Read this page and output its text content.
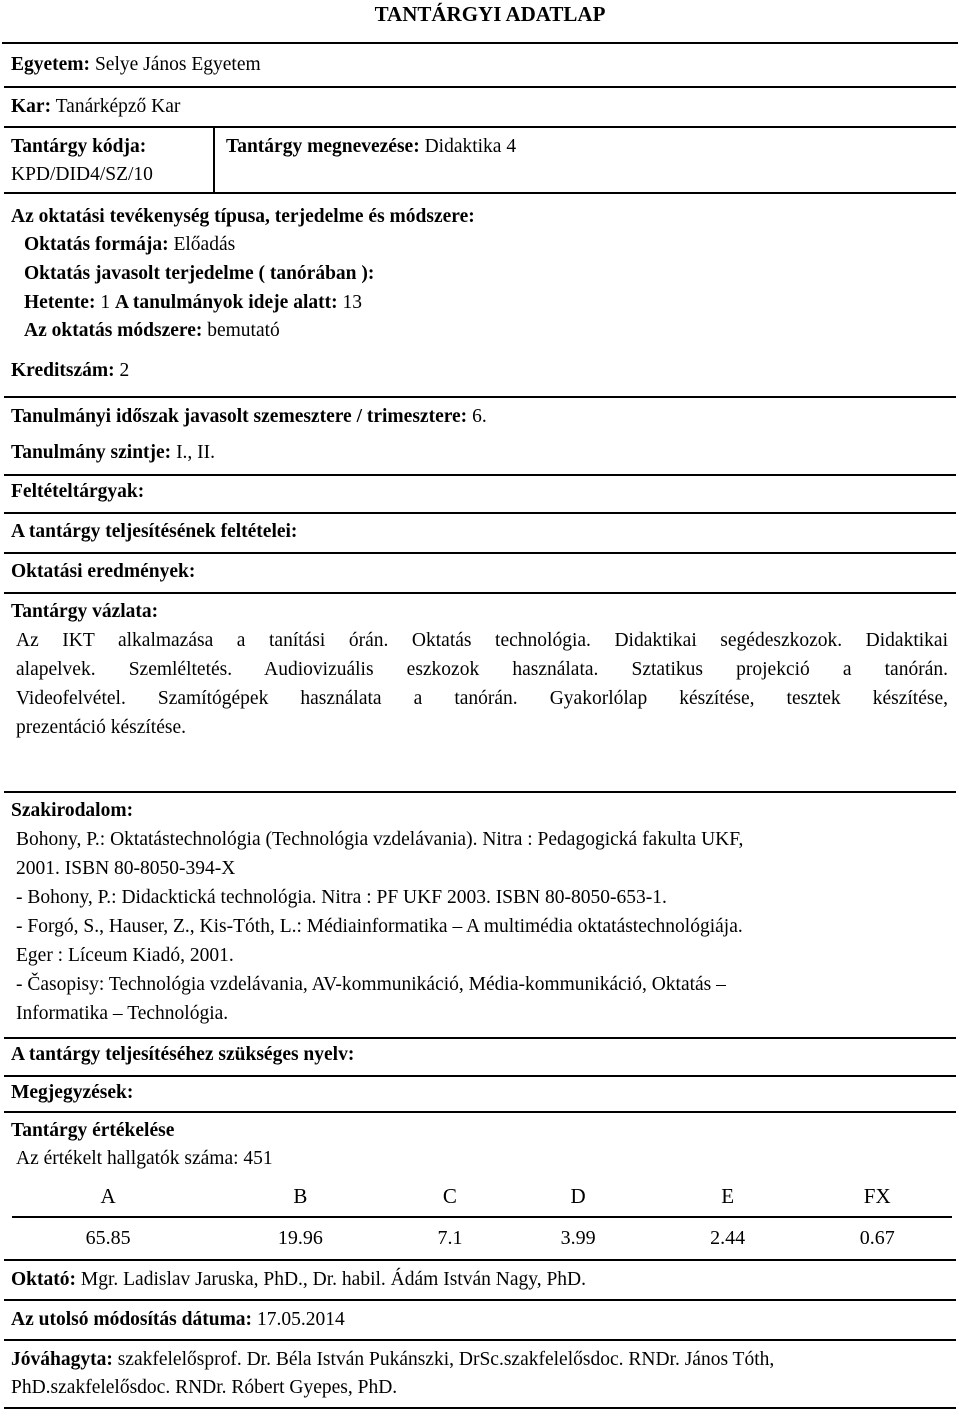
TANTÁRGYI ADATLAP
Egyetem: Selye János Egyetem
Kar: Tanárképző Kar
Tantárgy kódja:
KPD/DID4/SZ/10
Tantárgy megnevezése: Didaktika 4
Az oktatási tevékenység típusa, terjedelme és módszere:
Oktatás formája: Előadás
Oktatás javasolt terjedelme ( tanórában ):
Hetente: 1 A tanulmányok ideje alatt: 13
Az oktatás módszere: bemutató
Kreditszám: 2
Tanulmányi időszak javasolt szemesztere / trimesztere: 6.
Tanulmány szintje: I., II.
Feltételtárgyak:
A tantárgy teljesítésének feltételei:
Oktatási eredmények:
Tantárgy vázlata:
Az IKT alkalmazása a tanítási órán. Oktatás technológia. Didaktikai segédeszkozok. Didaktikai
alapelvek. Szemléltetés. Audiovizuális eszkozok használata. Sztatikus projekció a tanórán.
Videofelvétel. Szamítógépek használata a tanórán. Gyakorlólap készítése, tesztek készítése,
prezentáció készítése.
Szakirodalom:
Bohony, P.: Oktatástechnológia (Technológia vzdelávania). Nitra : Pedagogická fakulta UKF,
2001. ISBN 80-8050-394-X
- Bohony, P.: Didacktická technológia. Nitra : PF UKF 2003. ISBN 80-8050-653-1.
- Forgó, S., Hauser, Z., Kis-Tóth, L.: Médiainformatika – A multimédia oktatástechnológiája.
Eger : Líceum Kiadó, 2001.
- Časopisy: Technológia vzdelávania, AV-kommunikáció, Média-kommunikáció, Oktatás –
Informatika – Technológia.
A tantárgy teljesítéséhez szükséges nyelv:
Megjegyzések:
Tantárgy értékelése
Az értékelt hallgatók száma: 451
A	B	C	D	E	FX
65.85	19.96	7.1	3.99	2.44	0.67
Oktató: Mgr. Ladislav Jaruska, PhD., Dr. habil. Ádám István Nagy, PhD.
Az utolsó módosítás dátuma: 17.05.2014
Jóváhagyta: szakfelelősprof. Dr. Béla István Pukánszki, DrSc.szakfelelősdoc. RNDr. János Tóth,
PhD.szakfelelősdoc. RNDr. Róbert Gyepes, PhD.
